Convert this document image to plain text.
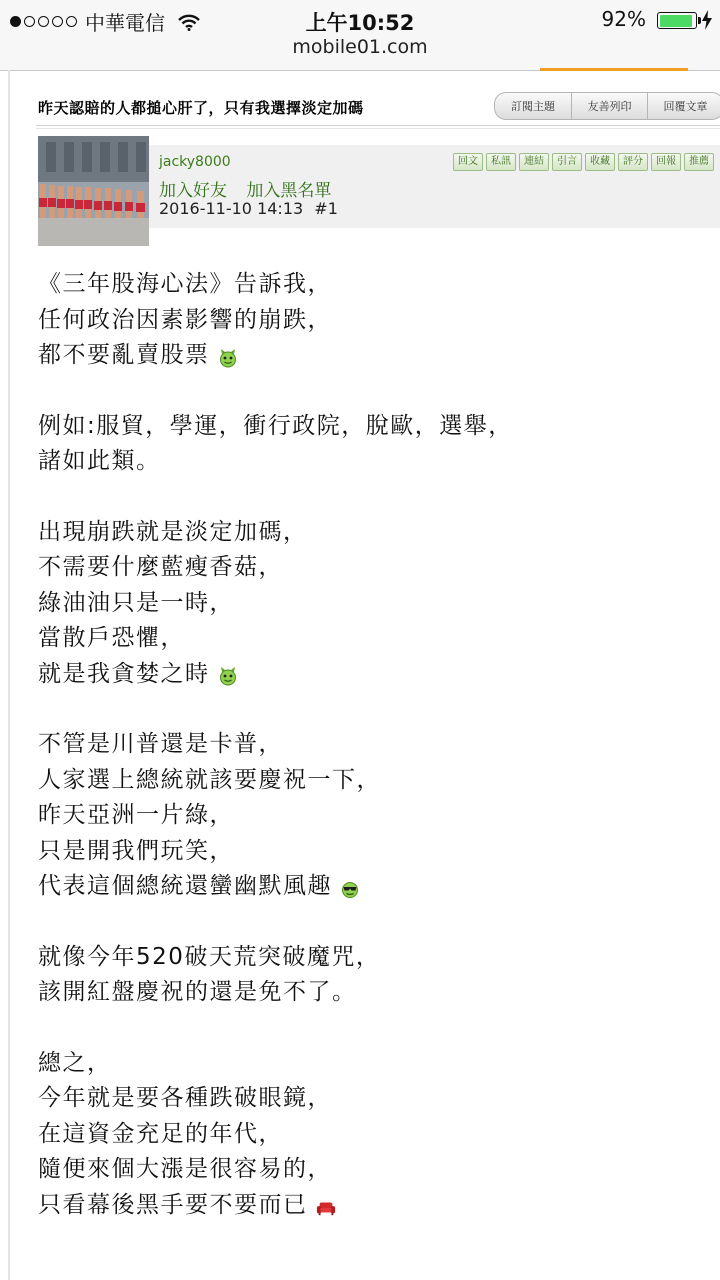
中華電信	上午10:52	92%
mobile01.com
昨天認賠的人都搥心肝了，只有我選擇淡定加碼	訂閱主題	友善列印	回覆文章
jacky8000
加入好友 加入黑名單
2016-11-10 14:13 #1
回文	私訊	連結	引言	收藏	評分	回報	推薦
《三年股海心法》告訴我，
任何政治因素影響的崩跌，
都不要亂賣股票
例如:服貿，學運，衝行政院，脫歐，選舉，
諸如此類。
出現崩跌就是淡定加碼，
不需要什麼藍瘦香菇，
綠油油只是一時，
當散戶恐懼，
就是我貪婪之時
不管是川普還是卡普，
人家選上總統就該要慶祝一下，
昨天亞洲一片綠，
只是開我們玩笑，
代表這個總統還蠻幽默風趣
就像今年520破天荒突破魔咒，
該開紅盤慶祝的還是免不了。
總之，
今年就是要各種跌破眼鏡，
在這資金充足的年代，
隨便來個大漲是很容易的，
只看幕後黑手要不要而已
